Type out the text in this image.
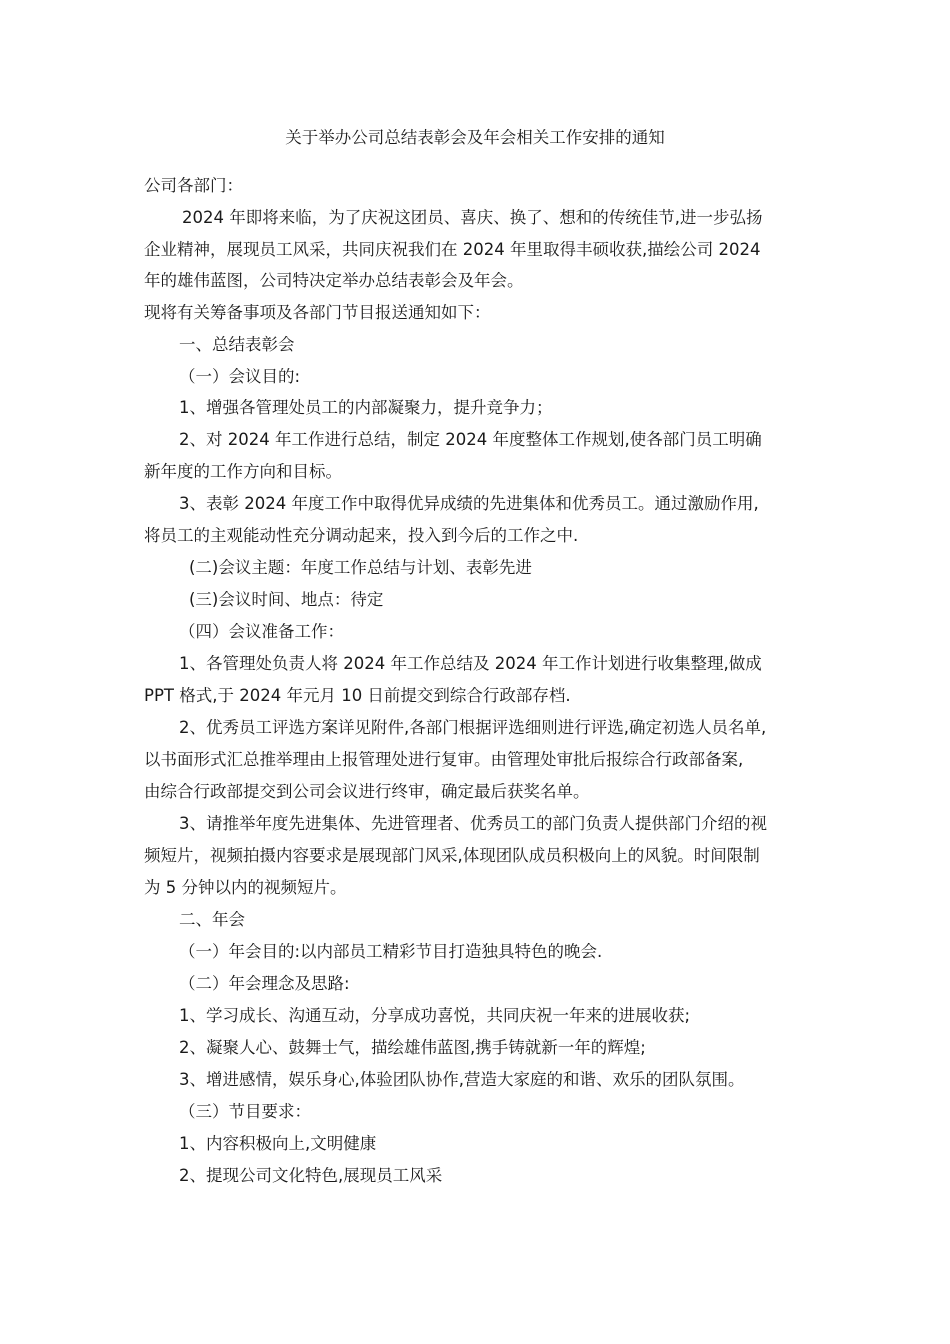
关于举办公司总结表彰会及年会相关工作安排的通知
公司各部门：
2024 年即将来临，为了庆祝这团员、喜庆、换了、想和的传统佳节,进一步弘扬
企业精神，展现员工风采，共同庆祝我们在 2024 年里取得丰硕收获,描绘公司 2024
年的雄伟蓝图，公司特决定举办总结表彰会及年会。
现将有关筹备事项及各部门节目报送通知如下：
一、总结表彰会
（一）会议目的:
1、增强各管理处员工的内部凝聚力，提升竞争力；
2、对 2024 年工作进行总结，制定 2024 年度整体工作规划,使各部门员工明确
新年度的工作方向和目标。
3、表彰 2024 年度工作中取得优异成绩的先进集体和优秀员工。通过激励作用,
将员工的主观能动性充分调动起来，投入到今后的工作之中.
(二)会议主题：年度工作总结与计划、表彰先进
(三)会议时间、地点：待定
（四）会议准备工作：
1、各管理处负责人将 2024 年工作总结及 2024 年工作计划进行收集整理,做成
PPT 格式,于 2024 年元月 10 日前提交到综合行政部存档.
2、优秀员工评选方案详见附件,各部门根据评选细则进行评选,确定初选人员名单,
以书面形式汇总推举理由上报管理处进行复审。由管理处审批后报综合行政部备案,
由综合行政部提交到公司会议进行终审，确定最后获奖名单。
3、请推举年度先进集体、先进管理者、优秀员工的部门负责人提供部门介绍的视
频短片，视频拍摄内容要求是展现部门风采,体现团队成员积极向上的风貌。时间限制
为 5 分钟以内的视频短片。
二、年会
（一）年会目的:以内部员工精彩节目打造独具特色的晚会.
（二）年会理念及思路:
1、学习成长、沟通互动，分享成功喜悦，共同庆祝一年来的进展收获;
2、凝聚人心、鼓舞士气，描绘雄伟蓝图,携手铸就新一年的辉煌;
3、增进感情，娱乐身心,体验团队协作,营造大家庭的和谐、欢乐的团队氛围。
（三）节目要求：
1、内容积极向上,文明健康
2、提现公司文化特色,展现员工风采
